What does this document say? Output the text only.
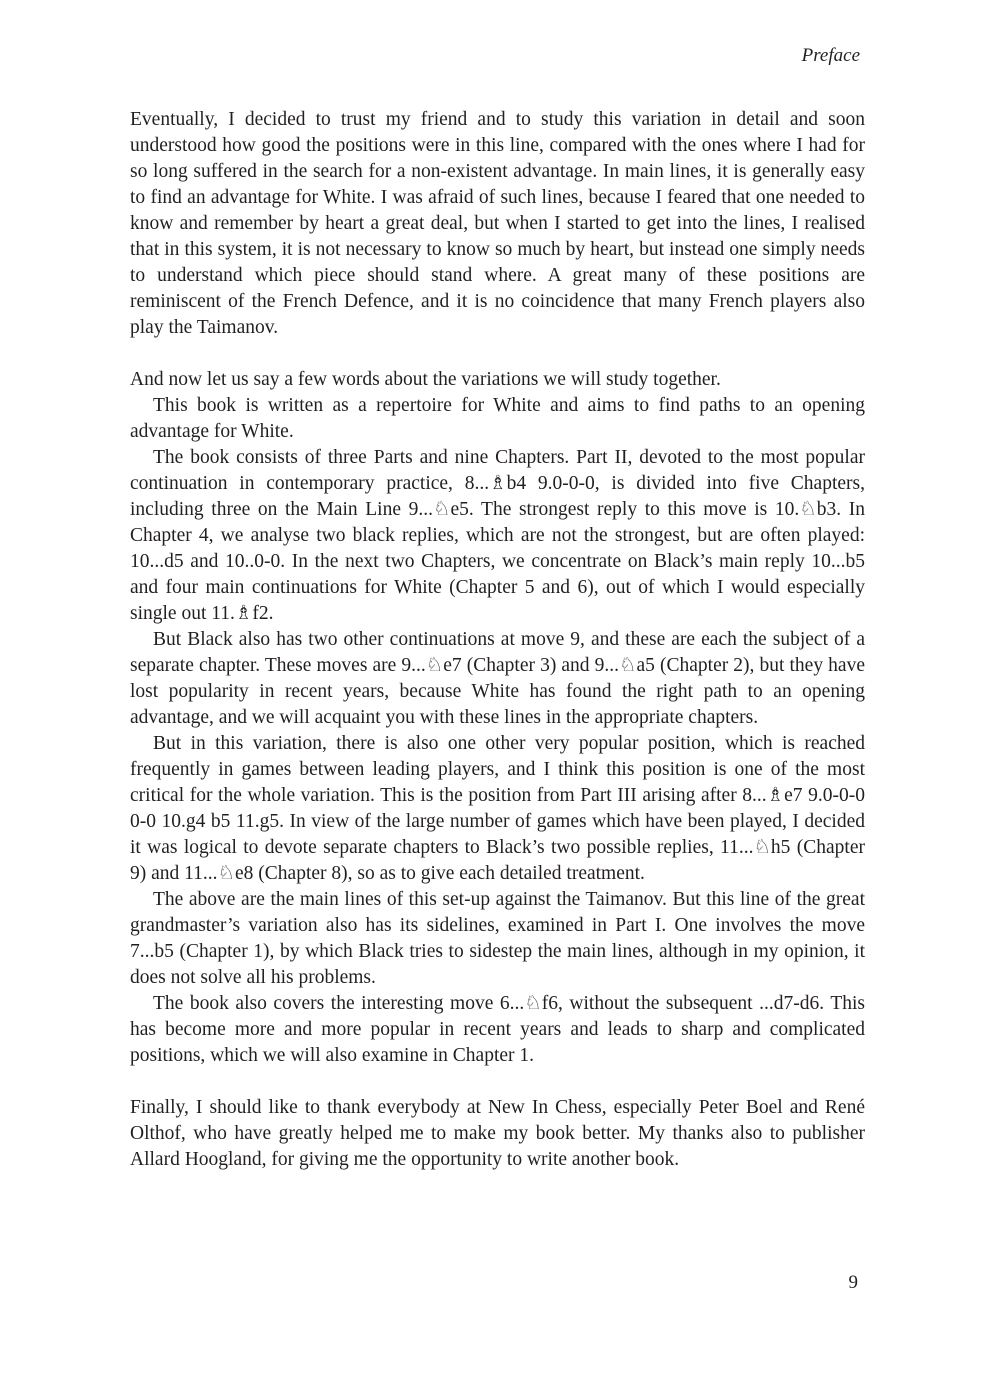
Preface

Eventually, I decided to trust my friend and to study this variation in detail and soon understood how good the positions were in this line, compared with the ones where I had for so long suffered in the search for a non-existent advantage. In main lines, it is generally easy to find an advantage for White. I was afraid of such lines, because I feared that one needed to know and remember by heart a great deal, but when I started to get into the lines, I realised that in this system, it is not necessary to know so much by heart, but instead one simply needs to understand which piece should stand where. A great many of these positions are reminiscent of the French Defence, and it is no coincidence that many French players also play the Taimanov.

And now let us say a few words about the variations we will study together.

This book is written as a repertoire for White and aims to find paths to an opening advantage for White.

The book consists of three Parts and nine Chapters. Part II, devoted to the most popular continuation in contemporary practice, 8...♗b4 9.0-0-0, is divided into five Chapters, including three on the Main Line 9...♘e5. The strongest reply to this move is 10.♘b3. In Chapter 4, we analyse two black replies, which are not the strongest, but are often played: 10...d5 and 10..0-0. In the next two Chapters, we concentrate on Black’s main reply 10...b5 and four main continuations for White (Chapter 5 and 6), out of which I would especially single out 11.♗f2.

But Black also has two other continuations at move 9, and these are each the subject of a separate chapter. These moves are 9...♘e7 (Chapter 3) and 9...♘a5 (Chapter 2), but they have lost popularity in recent years, because White has found the right path to an opening advantage, and we will acquaint you with these lines in the appropriate chapters.

But in this variation, there is also one other very popular position, which is reached frequently in games between leading players, and I think this position is one of the most critical for the whole variation. This is the position from Part III arising after 8...♗e7 9.0-0-0 0-0 10.g4 b5 11.g5. In view of the large number of games which have been played, I decided it was logical to devote separate chapters to Black’s two possible replies, 11...♘h5 (Chapter 9) and 11...♘e8 (Chapter 8), so as to give each detailed treatment.

The above are the main lines of this set-up against the Taimanov. But this line of the great grandmaster’s variation also has its sidelines, examined in Part I. One involves the move 7...b5 (Chapter 1), by which Black tries to sidestep the main lines, although in my opinion, it does not solve all his problems.

The book also covers the interesting move 6...♘f6, without the subsequent ...d7-d6. This has become more and more popular in recent years and leads to sharp and complicated positions, which we will also examine in Chapter 1.

Finally, I should like to thank everybody at New In Chess, especially Peter Boel and René Olthof, who have greatly helped me to make my book better. My thanks also to publisher Allard Hoogland, for giving me the opportunity to write another book.

9
